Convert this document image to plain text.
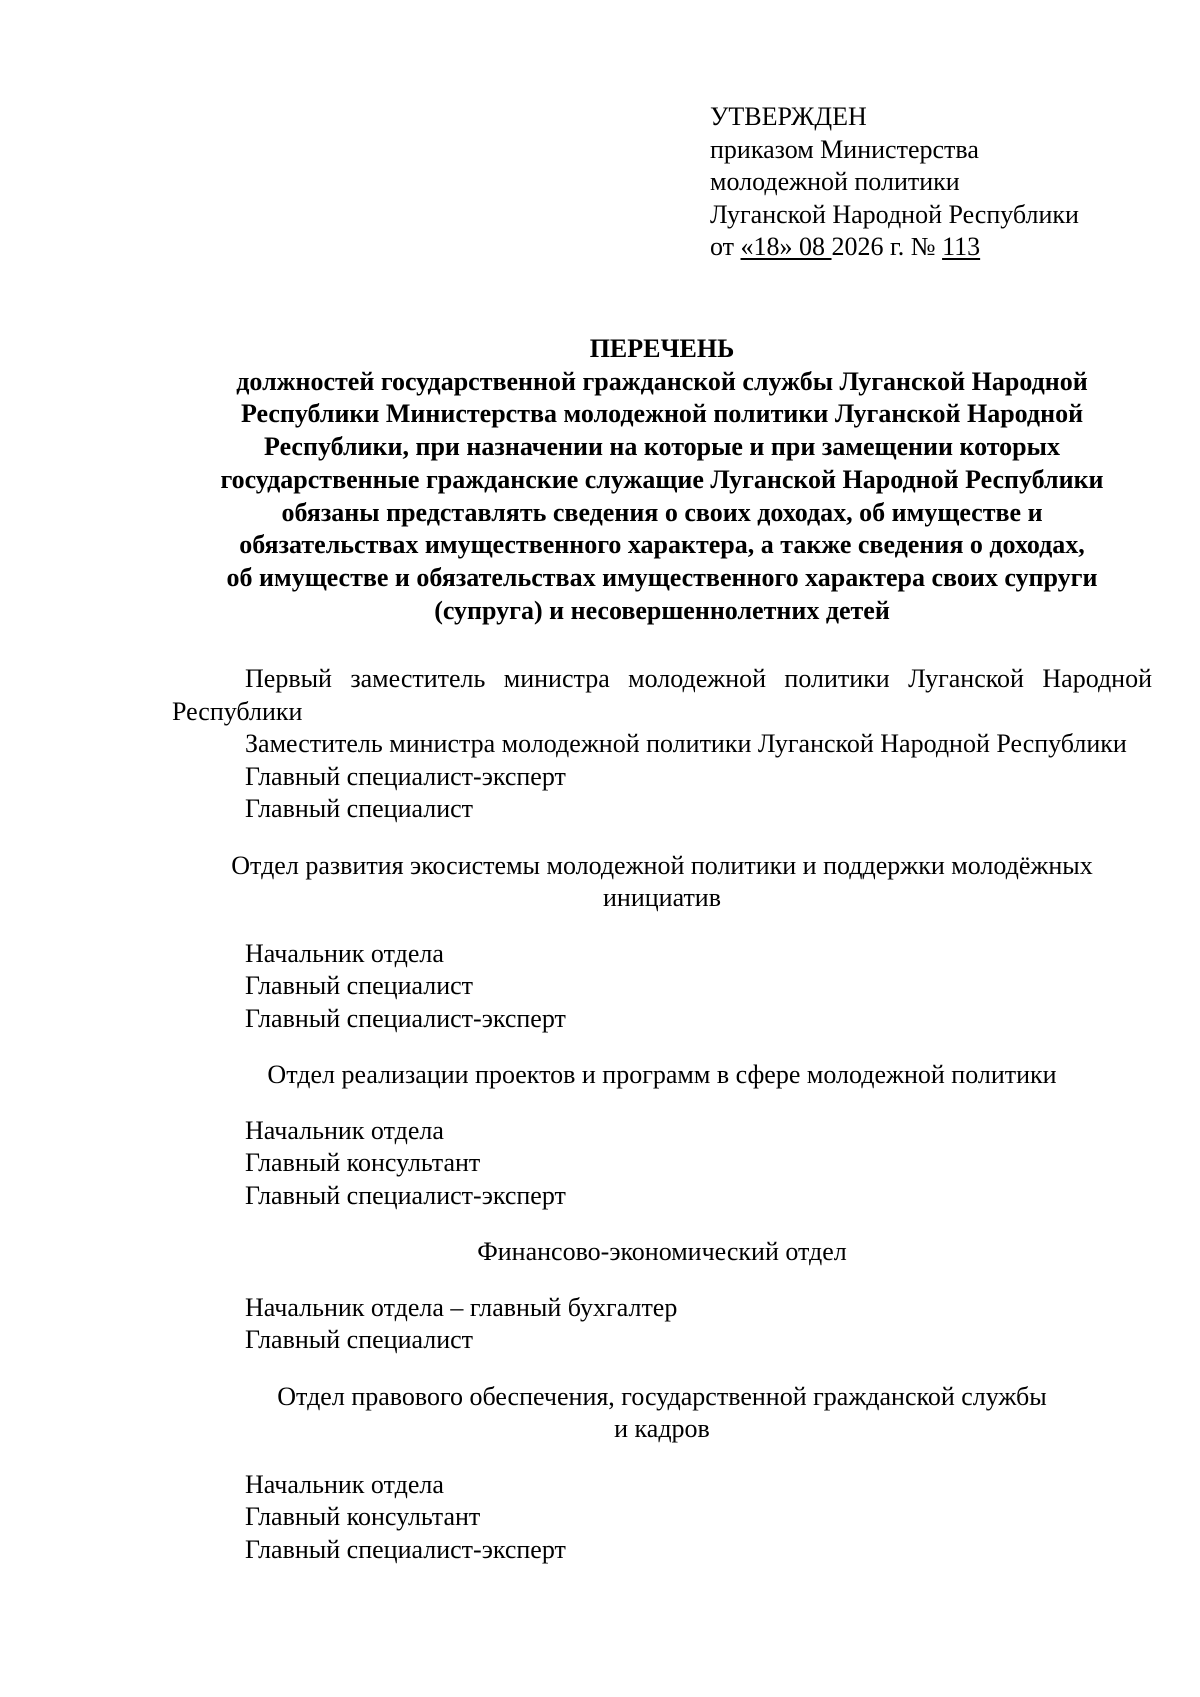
УТВЕРЖДЕН
приказом Министерства
молодежной политики
Луганской Народной Республики
от «18» 08 2026 г. № 113
ПЕРЕЧЕНЬ
должностей государственной гражданской службы Луганской Народной
Республики Министерства молодежной политики Луганской Народной
Республики, при назначении на которые и при замещении которых
государственные гражданские служащие Луганской Народной Республики
обязаны представлять сведения о своих доходах, об имуществе и
обязательствах имущественного характера, а также сведения о доходах,
об имуществе и обязательствах имущественного характера своих супруги
(супруга) и несовершеннолетних детей
Первый заместитель министра молодежной политики Луганской Народной Республики
Заместитель министра молодежной политики Луганской Народной Республики
Главный специалист-эксперт
Главный специалист
Отдел развития экосистемы молодежной политики и поддержки молодёжных
инициатив
Начальник отдела
Главный специалист
Главный специалист-эксперт
Отдел реализации проектов и программ в сфере молодежной политики
Начальник отдела
Главный консультант
Главный специалист-эксперт
Финансово-экономический отдел
Начальник отдела – главный бухгалтер
Главный специалист
Отдел правового обеспечения, государственной гражданской службы
и кадров
Начальник отдела
Главный консультант
Главный специалист-эксперт
